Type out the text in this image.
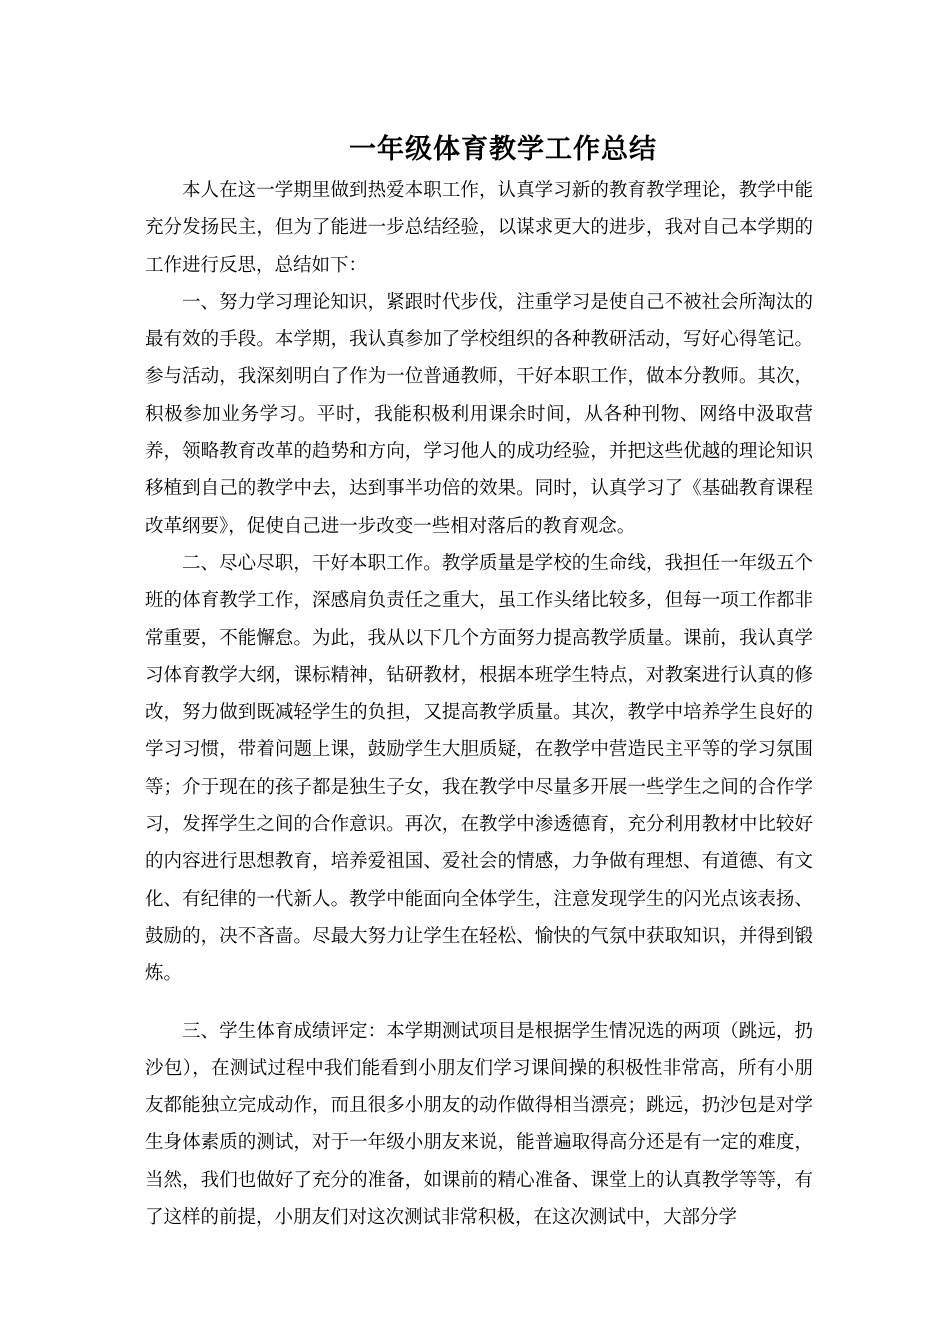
一年级体育教学工作总结

本人在这一学期里做到热爱本职工作，认真学习新的教育教学理论，教学中能充分发扬民主，但为了能进一步总结经验，以谋求更大的进步，我对自己本学期的工作进行反思，总结如下：

一、努力学习理论知识，紧跟时代步伐，注重学习是使自己不被社会所淘汰的最有效的手段。本学期，我认真参加了学校组织的各种教研活动，写好心得笔记。参与活动，我深刻明白了作为一位普通教师，干好本职工作，做本分教师。其次，积极参加业务学习。平时，我能积极利用课余时间，从各种刊物、网络中汲取营养，领略教育改革的趋势和方向，学习他人的成功经验，并把这些优越的理论知识移植到自己的教学中去，达到事半功倍的效果。同时，认真学习了《基础教育课程改革纲要》，促使自己进一步改变一些相对落后的教育观念。

二、尽心尽职，干好本职工作。教学质量是学校的生命线，我担任一年级五个班的体育教学工作，深感肩负责任之重大，虽工作头绪比较多，但每一项工作都非常重要，不能懈怠。为此，我从以下几个方面努力提高教学质量。课前，我认真学习体育教学大纲，课标精神，钻研教材，根据本班学生特点，对教案进行认真的修改，努力做到既减轻学生的负担，又提高教学质量。其次，教学中培养学生良好的学习习惯，带着问题上课，鼓励学生大胆质疑，在教学中营造民主平等的学习氛围等；介于现在的孩子都是独生子女，我在教学中尽量多开展一些学生之间的合作学习，发挥学生之间的合作意识。再次，在教学中渗透德育，充分利用教材中比较好的内容进行思想教育，培养爱祖国、爱社会的情感，力争做有理想、有道德、有文化、有纪律的一代新人。教学中能面向全体学生，注意发现学生的闪光点该表扬、鼓励的，决不吝啬。尽最大努力让学生在轻松、愉快的气氛中获取知识，并得到锻炼。

三、学生体育成绩评定：本学期测试项目是根据学生情况选的两项（跳远，扔沙包），在测试过程中我们能看到小朋友们学习课间操的积极性非常高，所有小朋友都能独立完成动作，而且很多小朋友的动作做得相当漂亮；跳远，扔沙包是对学生身体素质的测试，对于一年级小朋友来说，能普遍取得高分还是有一定的难度，当然，我们也做好了充分的准备，如课前的精心准备、课堂上的认真教学等等，有了这样的前提，小朋友们对这次测试非常积极，在这次测试中，大部分学
